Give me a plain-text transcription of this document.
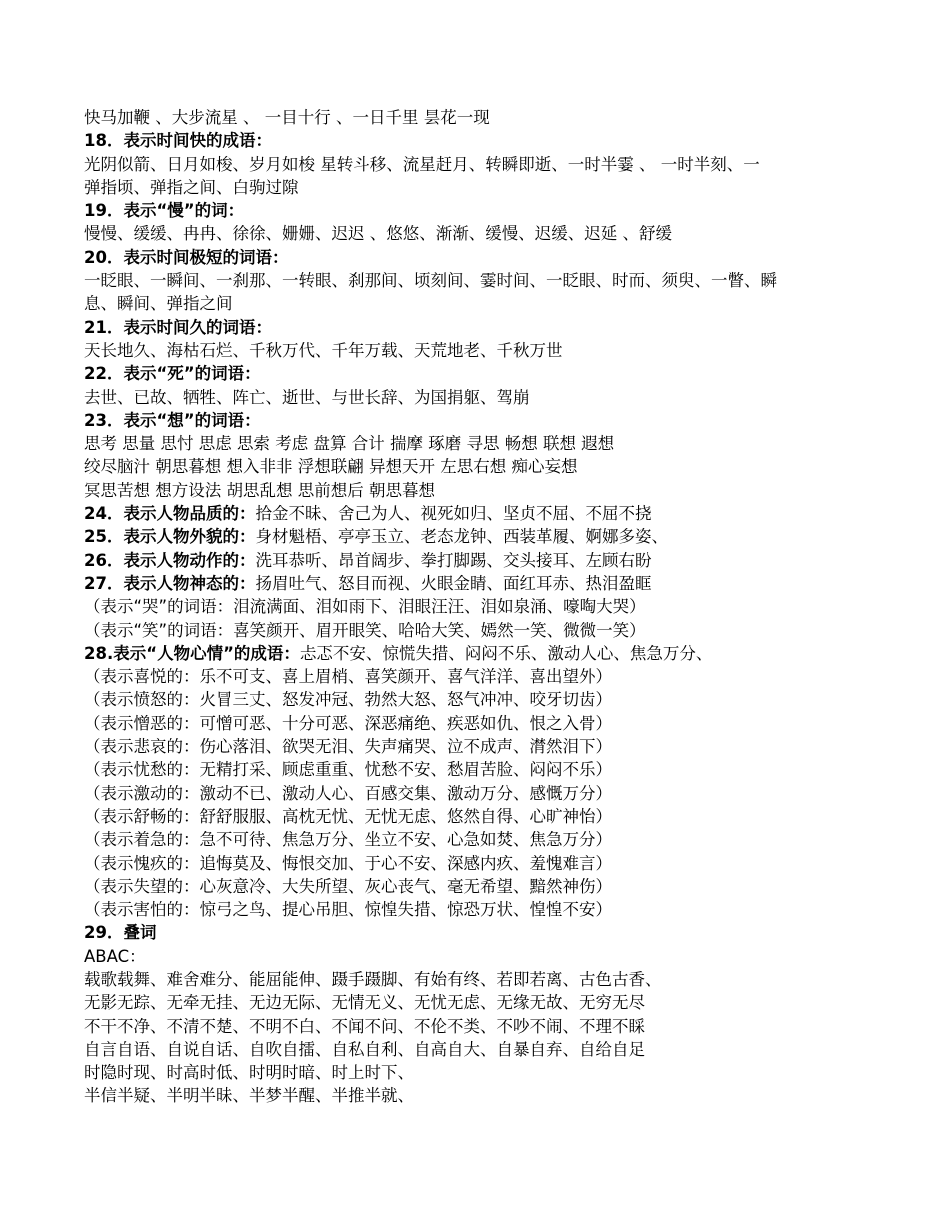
快马加鞭 、大步流星 、 一目十行 、一日千里 昙花一现
18．表示时间快的成语：
光阴似箭、日月如梭、岁月如梭 星转斗移、流星赶月、转瞬即逝、一时半霎 、 一时半刻、一
弹指顷、弹指之间、白驹过隙
19．表示“慢”的词：
慢慢、缓缓、冉冉、徐徐、姗姗、迟迟 、悠悠、渐渐、缓慢、迟缓、迟延 、舒缓
20．表示时间极短的词语：
一眨眼、一瞬间、一刹那、一转眼、刹那间、顷刻间、霎时间、一眨眼、时而、须臾、一瞥、瞬
息、瞬间、弹指之间
21．表示时间久的词语：
天长地久、海枯石烂、千秋万代、千年万载、天荒地老、千秋万世
22．表示“死”的词语：
去世、已故、牺牲、阵亡、逝世、与世长辞、为国捐躯、驾崩
23．表示“想”的词语：
思考 思量 思忖 思虑 思索 考虑 盘算 合计 揣摩 琢磨 寻思 畅想 联想 遐想
绞尽脑汁 朝思暮想 想入非非 浮想联翩 异想天开 左思右想 痴心妄想
冥思苦想 想方设法 胡思乱想 思前想后 朝思暮想
24．表示人物品质的：拾金不昧、舍己为人、视死如归、坚贞不屈、不屈不挠
25．表示人物外貌的：身材魁梧、亭亭玉立、老态龙钟、西装革履、婀娜多姿、
26．表示人物动作的：洗耳恭听、昂首阔步、拳打脚踢、交头接耳、左顾右盼
27．表示人物神态的：扬眉吐气、怒目而视、火眼金睛、面红耳赤、热泪盈眶
（表示“哭”的词语：泪流满面、泪如雨下、泪眼汪汪、泪如泉涌、嚎啕大哭）
（表示“笑”的词语：喜笑颜开、眉开眼笑、哈哈大笑、嫣然一笑、微微一笑）
28.表示“人物心情”的成语：忐忑不安、惊慌失措、闷闷不乐、激动人心、焦急万分、
（表示喜悦的：乐不可支、喜上眉梢、喜笑颜开、喜气洋洋、喜出望外）
（表示愤怒的：火冒三丈、怒发冲冠、勃然大怒、怒气冲冲、咬牙切齿）
（表示憎恶的：可憎可恶、十分可恶、深恶痛绝、疾恶如仇、恨之入骨）
（表示悲哀的：伤心落泪、欲哭无泪、失声痛哭、泣不成声、潸然泪下）
（表示忧愁的：无精打采、顾虑重重、忧愁不安、愁眉苦脸、闷闷不乐）
（表示激动的：激动不已、激动人心、百感交集、激动万分、感慨万分）
（表示舒畅的：舒舒服服、高枕无忧、无忧无虑、悠然自得、心旷神怡）
（表示着急的：急不可待、焦急万分、坐立不安、心急如焚、焦急万分）
（表示愧疚的：追悔莫及、悔恨交加、于心不安、深感内疚、羞愧难言）
（表示失望的：心灰意冷、大失所望、灰心丧气、毫无希望、黯然神伤）
（表示害怕的：惊弓之鸟、提心吊胆、惊惶失措、惊恐万状、惶惶不安）
29．叠词
ABAC：
载歌载舞、难舍难分、能屈能伸、蹑手蹑脚、有始有终、若即若离、古色古香、
无影无踪、无牵无挂、无边无际、无情无义、无忧无虑、无缘无故、无穷无尽
不干不净、不清不楚、不明不白、不闻不问、不伦不类、不吵不闹、不理不睬
自言自语、自说自话、自吹自擂、自私自利、自高自大、自暴自弃、自给自足
时隐时现、时高时低、时明时暗、时上时下、
半信半疑、半明半昧、半梦半醒、半推半就、
